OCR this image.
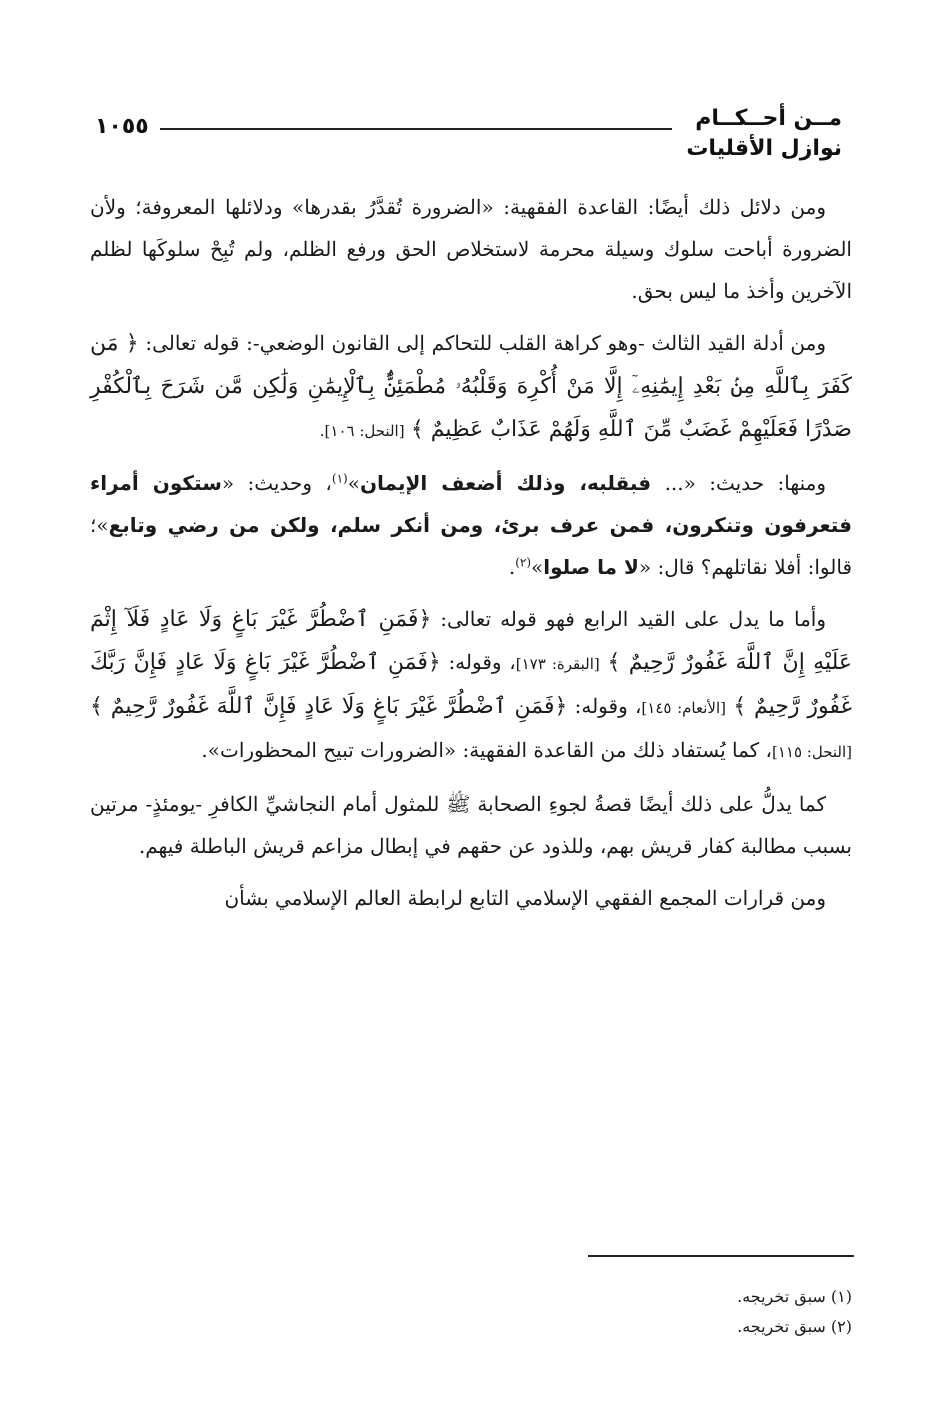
مــن أحــكــام
نوازل الأقليات
١٠٥٥

ومن دلائل ذلك أيضًا: القاعدة الفقهية: «الضرورة تُقدَّرُ بقدرها» ودلائلها المعروفة؛ ولأن الضرورة أباحت سلوك وسيلة محرمة لاستخلاص الحق ورفع الظلم، ولم تُبِحْ سلوكَها لظلم الآخرين وأخذ ما ليس بحق.

ومن أدلة القيد الثالث -وهو كراهة القلب للتحاكم إلى القانون الوضعي-: قوله تعالى: ﴿ مَن كَفَرَ بِٱللَّهِ مِنۢ بَعْدِ إِيمَٰنِهِۦٓ إِلَّا مَنْ أُكْرِهَ وَقَلْبُهُۥ مُطْمَئِنٌّۢ بِٱلْإِيمَٰنِ وَلَٰكِن مَّن شَرَحَ بِٱلْكُفْرِ صَدْرًا فَعَلَيْهِمْ غَضَبٌ مِّنَ ٱللَّهِ وَلَهُمْ عَذَابٌ عَظِيمٌ ﴾ [النحل: ١٠٦].

ومنها: حديث: «... فبقلبه، وذلك أضعف الإيمان»$^{(١)}$، وحديث: «ستكون أمراء فتعرفون وتنكرون، فمن عرف برئ، ومن أنكر سلم، ولكن من رضي وتابع»؛ قالوا: أفلا نقاتلهم؟ قال: «لا ما صلوا»$^{(٢)}$.

وأما ما يدل على القيد الرابع فهو قوله تعالى: ﴿فَمَنِ ٱضْطُرَّ غَيْرَ بَاغٍ وَلَا عَادٍ فَلَآ إِثْمَ عَلَيْهِ إِنَّ ٱللَّهَ غَفُورٌ رَّحِيمٌ ﴾ [البقرة: ١٧٣]، وقوله: ﴿فَمَنِ ٱضْطُرَّ غَيْرَ بَاغٍ وَلَا عَادٍ فَإِنَّ رَبَّكَ غَفُورٌ رَّحِيمٌ ﴾ [الأنعام: ١٤٥]، وقوله: ﴿فَمَنِ ٱضْطُرَّ غَيْرَ بَاغٍ وَلَا عَادٍ فَإِنَّ ٱللَّهَ غَفُورٌ رَّحِيمٌ ﴾ [النحل: ١١٥]، كما يُستفاد ذلك من القاعدة الفقهية: «الضرورات تبيح المحظورات».

كما يدلُّ على ذلك أيضًا قصةُ لجوءِ الصحابة ﷺ للمثول أمام النجاشيِّ الكافرِ -يومئذٍ- مرتين بسبب مطالبة كفار قريش بهم، وللذود عن حقهم في إبطال مزاعم قريش الباطلة فيهم.

ومن قرارات المجمع الفقهي الإسلامي التابع لرابطة العالم الإسلامي بشأن

(١) سبق تخريجه.
(٢) سبق تخريجه.
